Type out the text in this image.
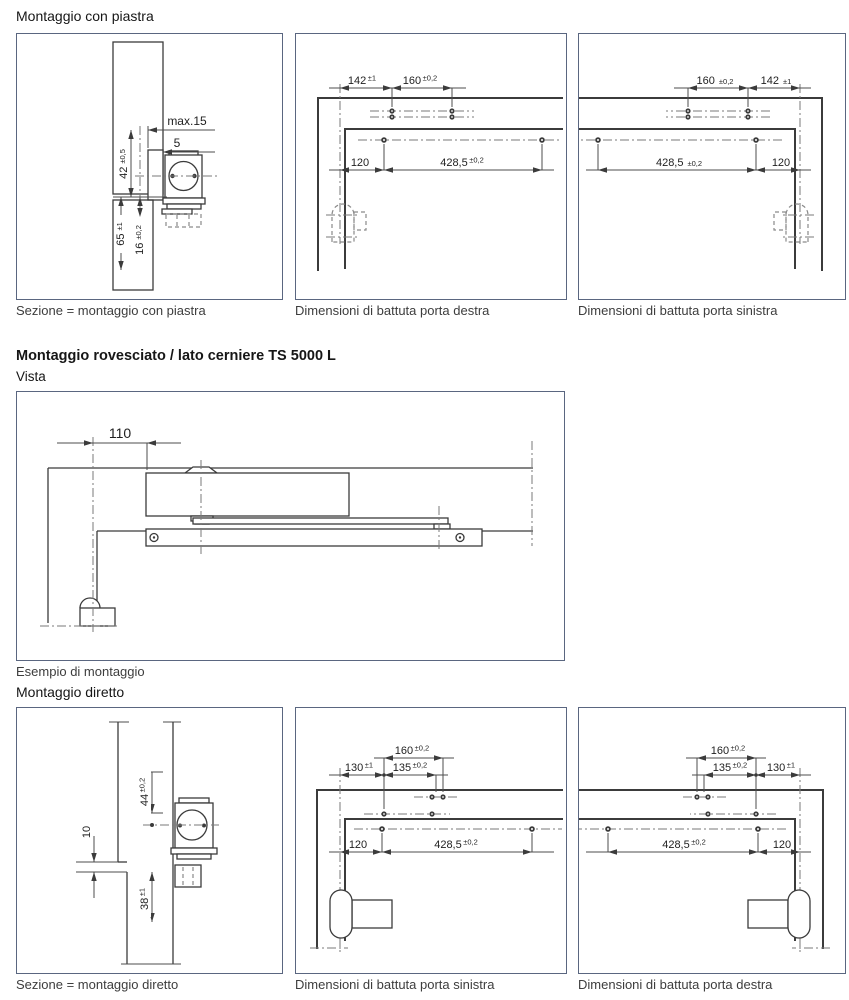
Montaggio con piastra
Montaggio rovesciato / lato cerniere TS 5000 L
Vista
Montaggio diretto
max.15
5
42±0,5
65±1
16±0,2
142 $^{\pm 1}$ 160 $^{\pm 0,2}$
120	428,5 $^{\pm 0,2}$
160 ±0,2 142 ±1
428,5 ±0,2	120
Sezione = montaggio con piastra	Dimensioni di battuta porta destra	Dimensioni di battuta porta sinistra
110
Esempio di montaggio
$44^{\pm 0,2}$
10
$38^{\pm 1}$
160 $^{\pm 0,2}$
130 $^{\pm 1}$ 135 $^{\pm 0,2}$
120	428,5 $^{\pm 0,2}$
160 $^{\pm 0,2}$
135 $^{\pm 0,2}$ 130 $^{\pm 1}$
428,5 $^{\pm 0,2}$	120
Sezione = montaggio diretto	Dimensioni di battuta porta sinistra	Dimensioni di battuta porta destra
